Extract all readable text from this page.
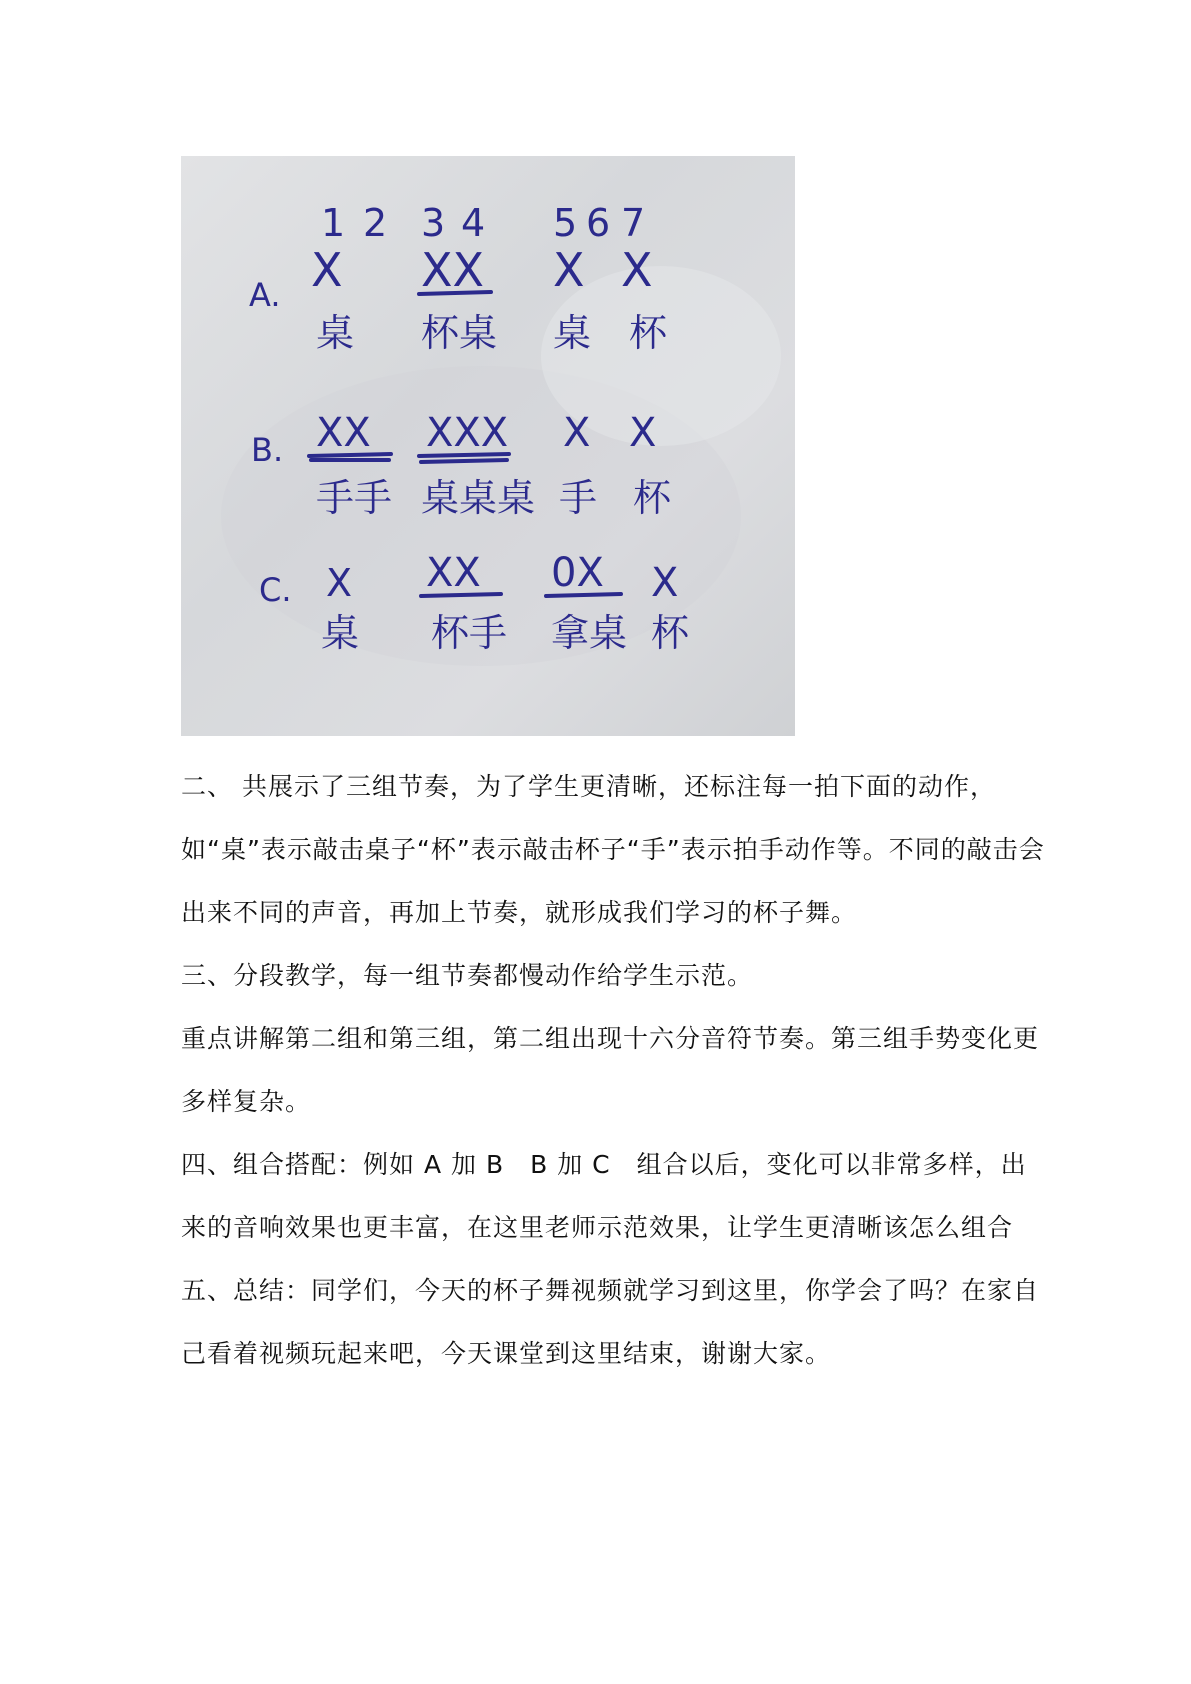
1 2 3 4 5 6 7
A. X XX X X
桌 杯桌 桌 杯
B. XX XXX X X
手手 桌桌桌 手 杯
C. X XX 0X X
桌 杯手 拿桌 杯

二、 共展示了三组节奏，为了学生更清晰，还标注每一拍下面的动作，如“桌”表示敲击桌子“杯”表示敲击杯子“手”表示拍手动作等。不同的敲击会出来不同的声音，再加上节奏，就形成我们学习的杯子舞。

三、分段教学，每一组节奏都慢动作给学生示范。

重点讲解第二组和第三组，第二组出现十六分音符节奏。第三组手势变化更多样复杂。

四、组合搭配：例如 A 加 B　B 加 C　组合以后，变化可以非常多样，出来的音响效果也更丰富，在这里老师示范效果，让学生更清晰该怎么组合

五、总结：同学们，今天的杯子舞视频就学习到这里，你学会了吗？在家自己看着视频玩起来吧，今天课堂到这里结束，谢谢大家。
